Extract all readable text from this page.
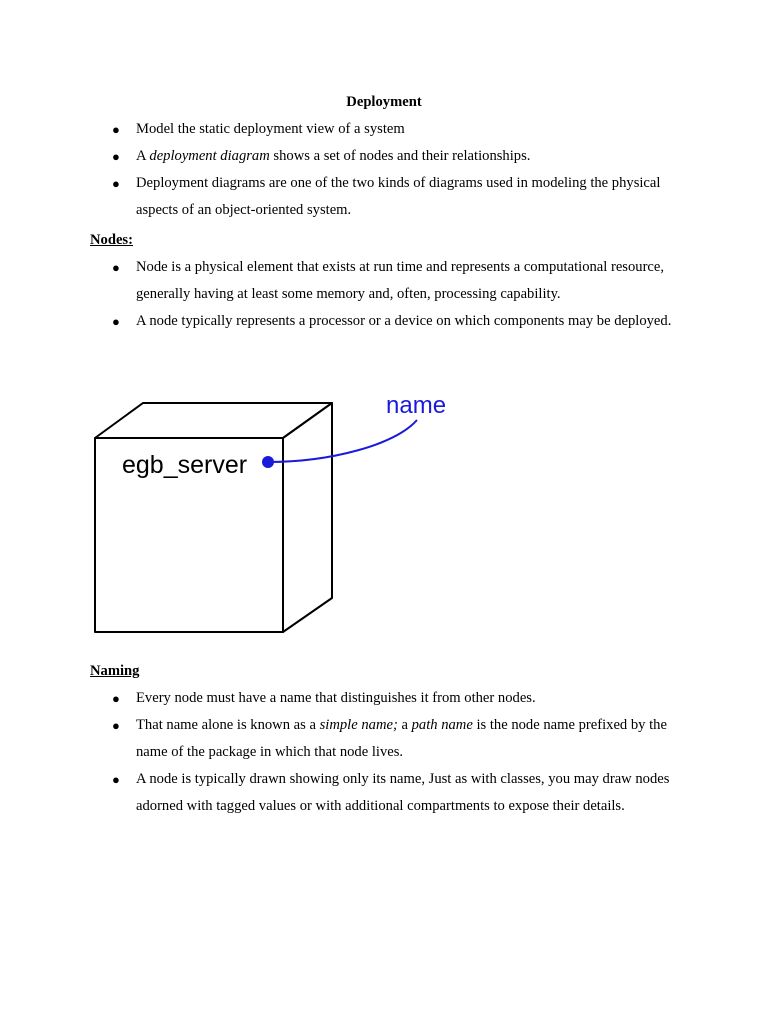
Deployment
● Model the static deployment view of a system
● A deployment diagram shows a set of nodes and their relationships.
● Deployment diagrams are one of the two kinds of diagrams used in modeling the physical aspects of an object-oriented system.
Nodes:
● Node is a physical element that exists at run time and represents a computational resource, generally having at least some memory and, often, processing capability.
● A node typically represents a processor or a device on which components may be deployed.
egb_server
name
Naming
● Every node must have a name that distinguishes it from other nodes.
● That name alone is known as a simple name; a path name is the node name prefixed by the name of the package in which that node lives.
● A node is typically drawn showing only its name, Just as with classes, you may draw nodes adorned with tagged values or with additional compartments to expose their details.
